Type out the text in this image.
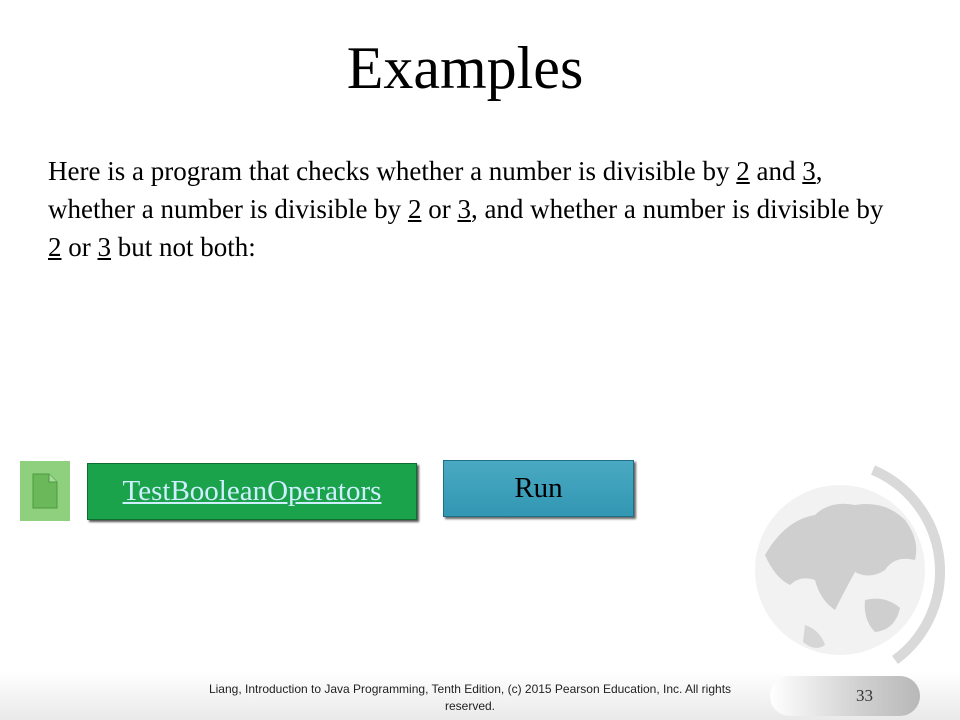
Examples
Here is a program that checks whether a number is divisible by 2 and 3, whether a number is divisible by 2 or 3, and whether a number is divisible by 2 or 3 but not both:
TestBooleanOperators	Run
Liang, Introduction to Java Programming, Tenth Edition, (c) 2015 Pearson Education, Inc. All rights reserved.
33
